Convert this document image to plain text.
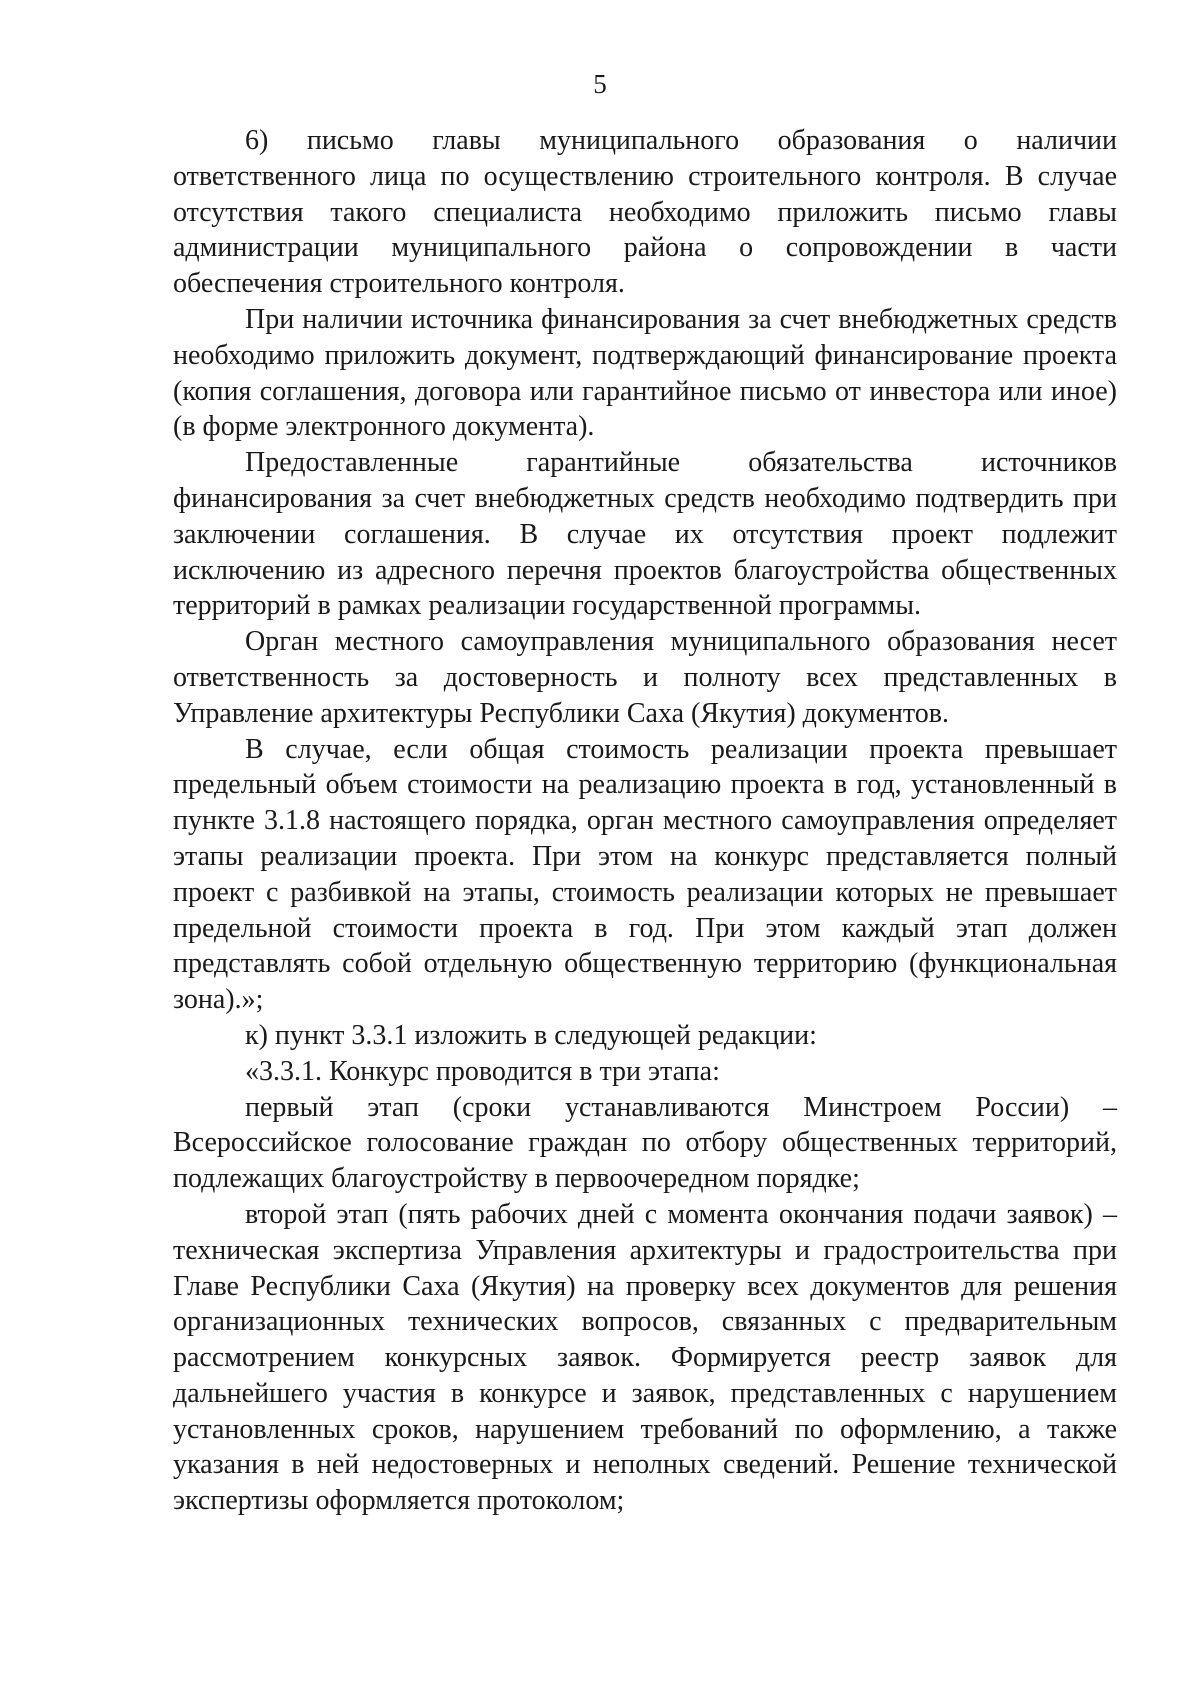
5

6) письмо главы муниципального образования о наличии ответственного лица по осуществлению строительного контроля. В случае отсутствия такого специалиста необходимо приложить письмо главы администрации муниципального района о сопровождении в части обеспечения строительного контроля.

При наличии источника финансирования за счет внебюджетных средств необходимо приложить документ, подтверждающий финансирование проекта (копия соглашения, договора или гарантийное письмо от инвестора или иное) (в форме электронного документа).

Предоставленные гарантийные обязательства источников финансирования за счет внебюджетных средств необходимо подтвердить при заключении соглашения. В случае их отсутствия проект подлежит исключению из адресного перечня проектов благоустройства общественных территорий в рамках реализации государственной программы.

Орган местного самоуправления муниципального образования несет ответственность за достоверность и полноту всех представленных в Управление архитектуры Республики Саха (Якутия) документов.

В случае, если общая стоимость реализации проекта превышает предельный объем стоимости на реализацию проекта в год, установленный в пункте 3.1.8 настоящего порядка, орган местного самоуправления определяет этапы реализации проекта. При этом на конкурс представляется полный проект с разбивкой на этапы, стоимость реализации которых не превышает предельной стоимости проекта в год. При этом каждый этап должен представлять собой отдельную общественную территорию (функциональная зона).»;

к) пункт 3.3.1 изложить в следующей редакции:

«3.3.1. Конкурс проводится в три этапа:

первый этап (сроки устанавливаются Минстроем России) – Всероссийское голосование граждан по отбору общественных территорий, подлежащих благоустройству в первоочередном порядке;

второй этап (пять рабочих дней с момента окончания подачи заявок) – техническая экспертиза Управления архитектуры и градостроительства при Главе Республики Саха (Якутия) на проверку всех документов для решения организационных технических вопросов, связанных с предварительным рассмотрением конкурсных заявок. Формируется реестр заявок для дальнейшего участия в конкурсе и заявок, представленных с нарушением установленных сроков, нарушением требований по оформлению, а также указания в ней недостоверных и неполных сведений. Решение технической экспертизы оформляется протоколом;
